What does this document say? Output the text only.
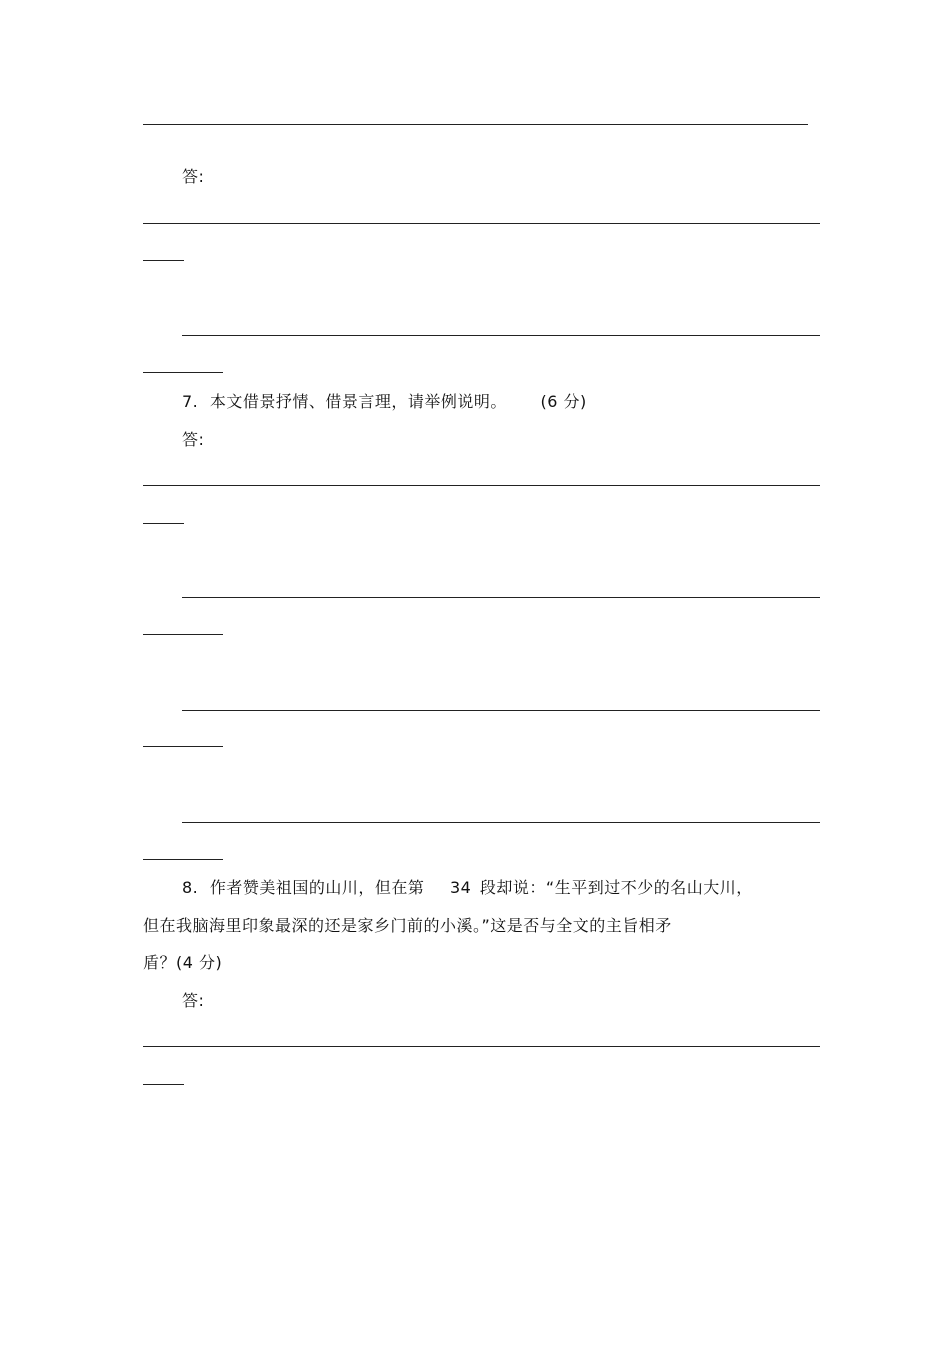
答:
7. 本文借景抒情、借景言理，请举例说明。 (6 分)
答:
8. 作者赞美祖国的山川，但在第 34 段却说：“生平到过不少的名山大川，
但在我脑海里印象最深的还是家乡门前的小溪。”这是否与全文的主旨相矛
盾？(4 分)
答:
